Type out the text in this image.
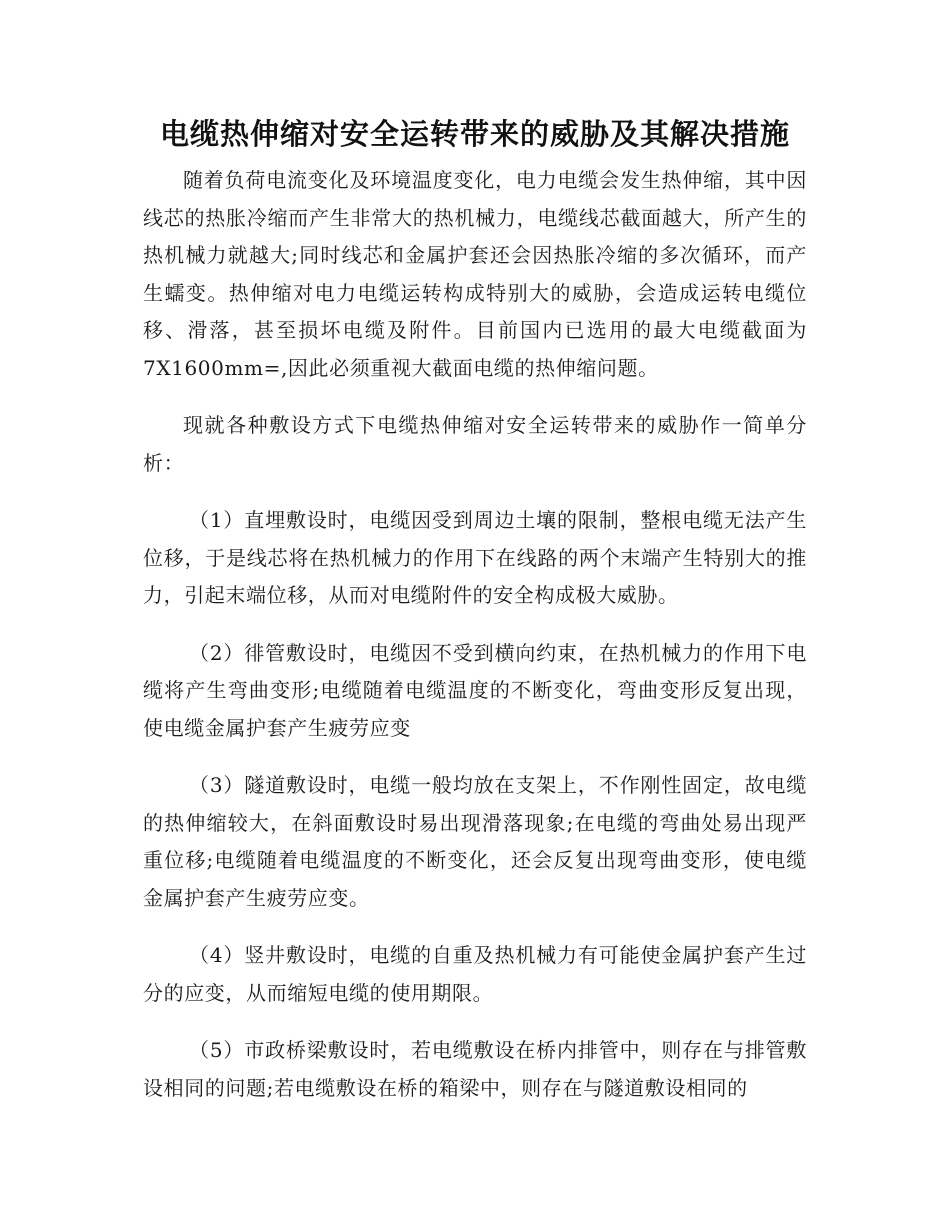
电缆热伸缩对安全运转带来的威胁及其解决措施

随着负荷电流变化及环境温度变化，电力电缆会发生热伸缩，其中因线芯的热胀冷缩而产生非常大的热机械力，电缆线芯截面越大，所产生的热机械力就越大;同时线芯和金属护套还会因热胀冷缩的多次循环，而产生蠕变。热伸缩对电力电缆运转构成特别大的威胁，会造成运转电缆位移、滑落，甚至损坏电缆及附件。目前国内已选用的最大电缆截面为7X1600mm=,因此必须重视大截面电缆的热伸缩问题。

现就各种敷设方式下电缆热伸缩对安全运转带来的威胁作一简单分析：

（1）直埋敷设时，电缆因受到周边土壤的限制，整根电缆无法产生位移，于是线芯将在热机械力的作用下在线路的两个末端产生特别大的推力，引起末端位移，从而对电缆附件的安全构成极大威胁。

（2）徘管敷设时，电缆因不受到横向约束，在热机械力的作用下电缆将产生弯曲变形;电缆随着电缆温度的不断变化，弯曲变形反复出现，使电缆金属护套产生疲劳应变

（3）隧道敷设时，电缆一般均放在支架上，不作刚性固定，故电缆的热伸缩较大，在斜面敷设时易出现滑落现象;在电缆的弯曲处易出现严重位移;电缆随着电缆温度的不断变化，还会反复出现弯曲变形，使电缆金属护套产生疲劳应变。

（4）竖井敷设时，电缆的自重及热机械力有可能使金属护套产生过分的应变，从而缩短电缆的使用期限。

（5）市政桥梁敷设时，若电缆敷设在桥内排管中，则存在与排管敷设相同的问题;若电缆敷设在桥的箱梁中，则存在与隧道敷设相同的
